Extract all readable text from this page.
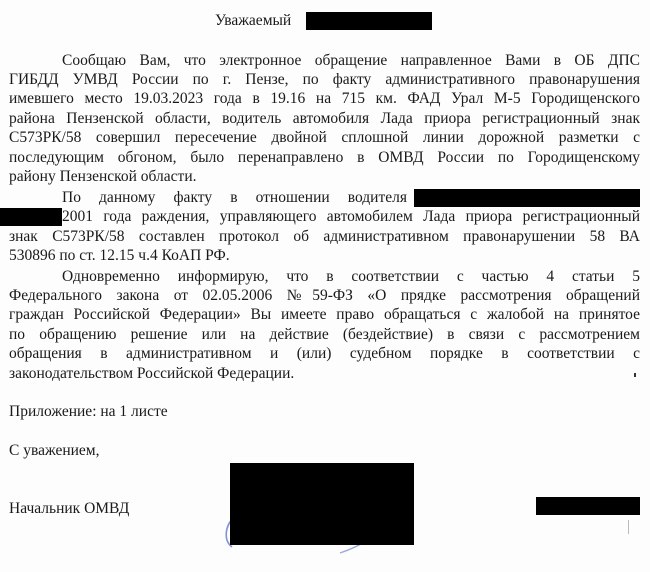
Уважаемый
Сообщаю Вам, что электронное обращение направленное Вами в ОБ ДПС
ГИБДД УМВД России по г. Пензе, по факту административного правонарушения
имевшего место 19.03.2023 года в 19.16 на 715 км. ФАД Урал М-5 Городищенского
района Пензенской области, водитель автомобиля Лада приора регистрационный знак
С573РК/58 совершил пересечение двойной сплошной линии дорожной разметки с
последующим обгоном, было перенаправлено в ОМВД России по Городищенскому
району Пензенской области.
По данному факту в отношении водителя
2001 года раждения, управляющего автомобилем Лада приора регистрационный
знак С573РК/58 составлен протокол об административном правонарушении 58 ВА
530896 по ст. 12.15 ч.4 КоАП РФ.
Одновременно информирую, что в соответствии с частью 4 статьи 5
Федерального закона от 02.05.2006 №59-ФЗ «О прядке рассмотрения обращений
граждан Российской Федерации» Вы имеете право обращаться с жалобой на принятое
по обращению решение или на действие (бездействие) в связи с рассмотрением
обращения в административном и (или) судебном порядке в соответствии с
законодательством Российской Федерации.
Приложение: на 1 листе
С уважением,
Начальник ОМВД
